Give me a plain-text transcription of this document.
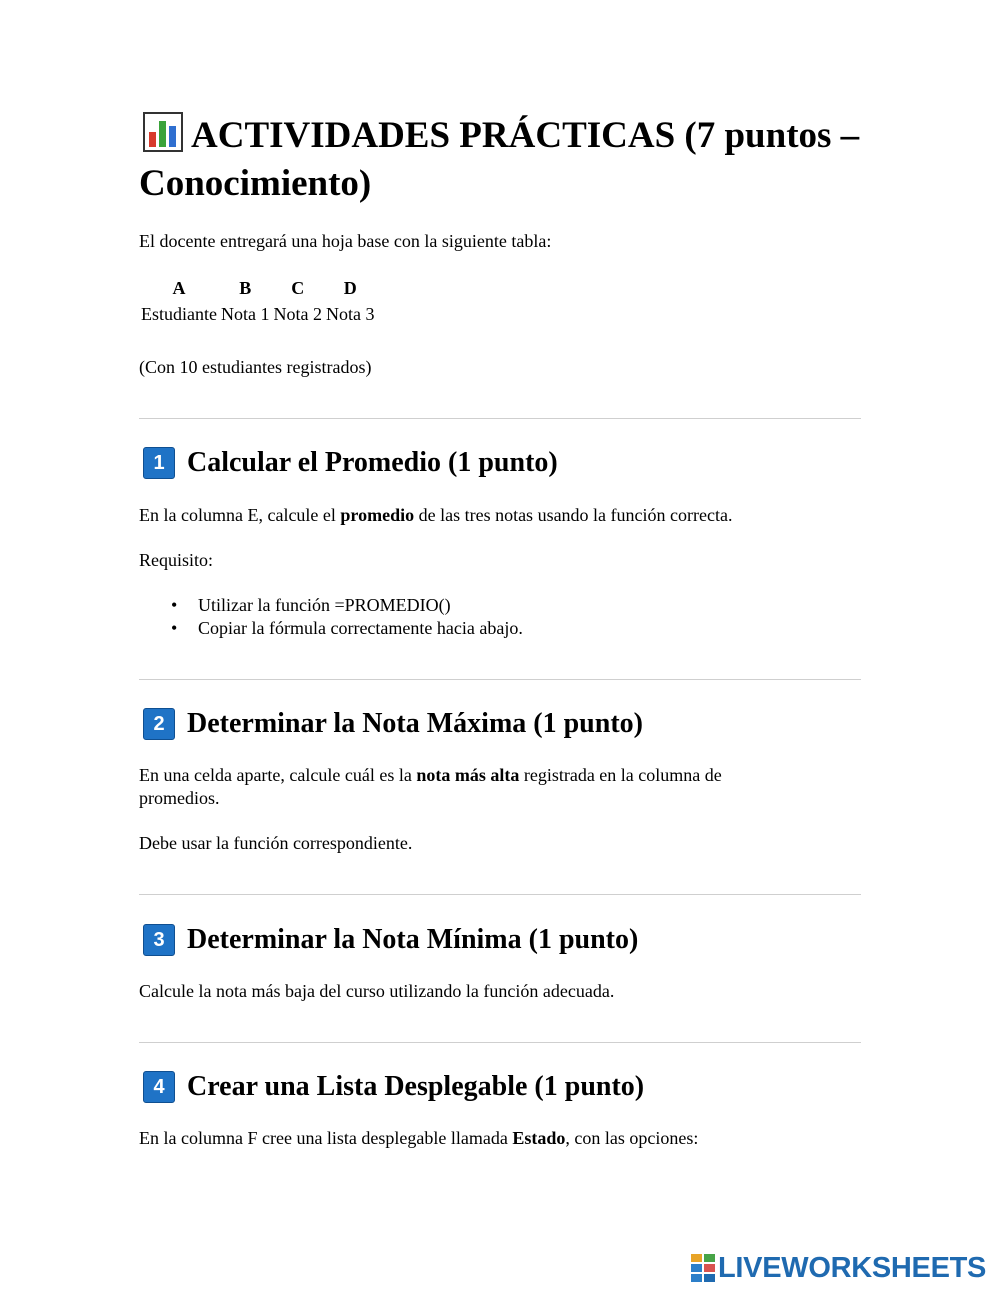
ACTIVIDADES PRÁCTICAS (7 puntos – Conocimiento)

El docente entregará una hoja base con la siguiente tabla:

A	B	C	D
Estudiante	Nota 1	Nota 2	Nota 3

(Con 10 estudiantes registrados)

1 Calcular el Promedio (1 punto)

En la columna E, calcule el promedio de las tres notas usando la función correcta.

Requisito:

• Utilizar la función =PROMEDIO()
• Copiar la fórmula correctamente hacia abajo.
2 Determinar la Nota Máxima (1 punto)

En una celda aparte, calcule cuál es la nota más alta registrada en la columna de promedios.

Debe usar la función correspondiente.

3 Determinar la Nota Mínima (1 punto)

Calcule la nota más baja del curso utilizando la función adecuada.

4 Crear una Lista Desplegable (1 punto)

En la columna F cree una lista desplegable llamada Estado, con las opciones:

LIVEWORKSHEETS
